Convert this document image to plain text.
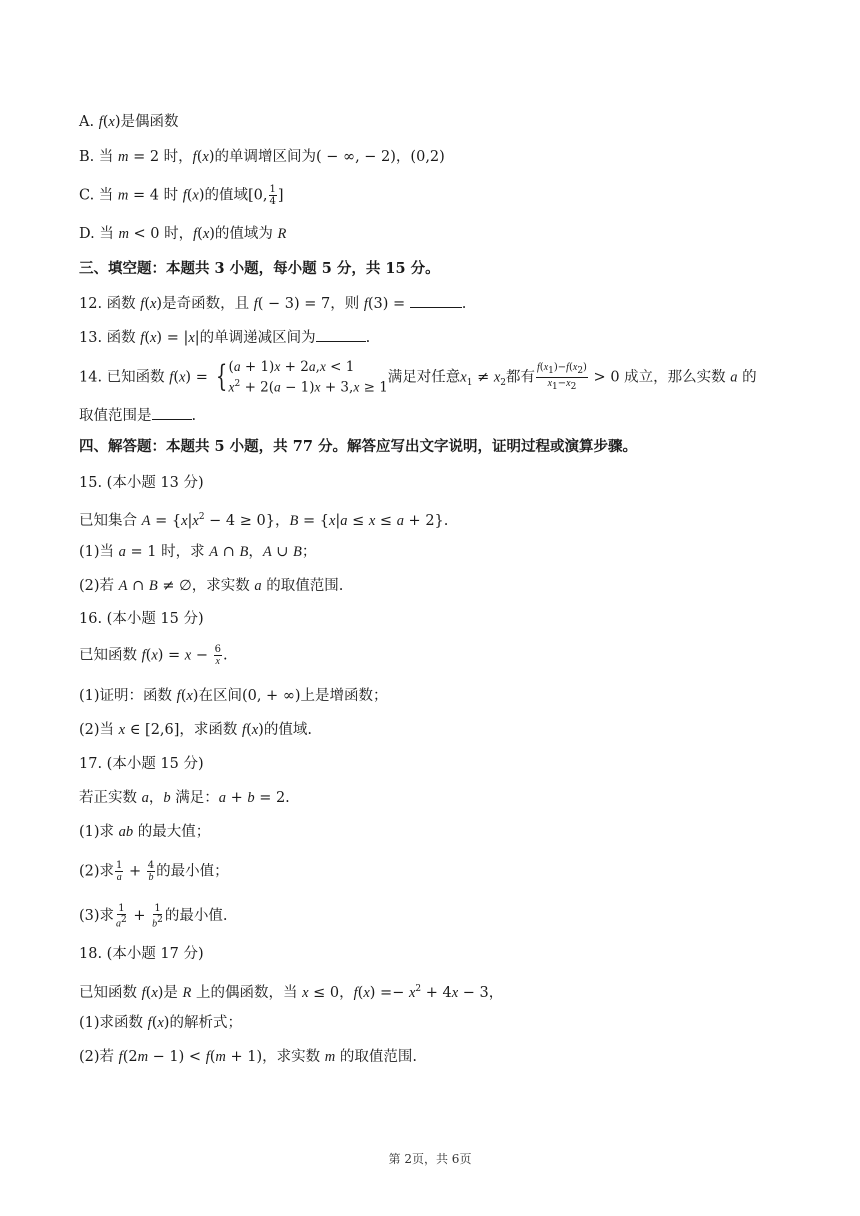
A. f(x)是偶函数
B. 当 m = 2 时，f(x)的单调增区间为( − ∞, − 2)，(0,2)
C. 当 m = 4 时 f(x)的值域[0, $\frac{1}{4}$ ]
D. 当 m < 0 时，f(x)的值域为 R
三、填空题：本题共 3 小题，每小题 5 分，共 15 分。
12. 函数 f(x)是奇函数，且 f( − 3) = 7，则 f(3) =	.
13. 函数 f(x) = |x|的单调递减区间为	.
14. 已知函数 f(x) = { (a + 1)x + 2a,x < 1
$x^2 + 2(a - 1)x + 3,x \ge 1$
满足对任意$x_1 \ne x_2$都有 $\frac{f(x_1)-f(x_2)}{x_1-x_2} > 0$ 成立，那么实数 a 的
取值范围是	.
四、解答题：本题共 5 小题，共 77 分。解答应写出文字说明，证明过程或演算步骤。
15. (本小题 13 分)
已知集合 $A = \{x|x^2 - 4 \ge 0\}$，B = {x|a ≤ x ≤ a + 2}.
(1)当 a = 1 时，求 A ∩ B，A ∪ B；
(2)若 A ∩ B ≠ ∅，求实数 a 的取值范围.
16. (本小题 15 分)
已知函数 $f(x) = x - \frac{6}{x}$ .
(1)证明：函数 f(x)在区间(0, + ∞)上是增函数；
(2)当 x ∈ [2,6]，求函数 f(x)的值域.
17. (本小题 15 分)
若正实数 a，b 满足：a + b = 2.
(1)求 ab 的最大值；
(2)求 $\frac{1}{a} + \frac{4}{b}$ 的最小值；
(3)求 $\frac{1}{a^2} + \frac{1}{b^2}$ 的最小值.
18. (本小题 17 分)
已知函数 f(x)是 R 上的偶函数，当 x ≤ 0，$f(x) =- x^2 + 4x - 3$，
(1)求函数 f(x)的解析式；
(2)若 f(2m − 1) < f(m + 1)，求实数 m 的取值范围.
第 2页，共 6页
